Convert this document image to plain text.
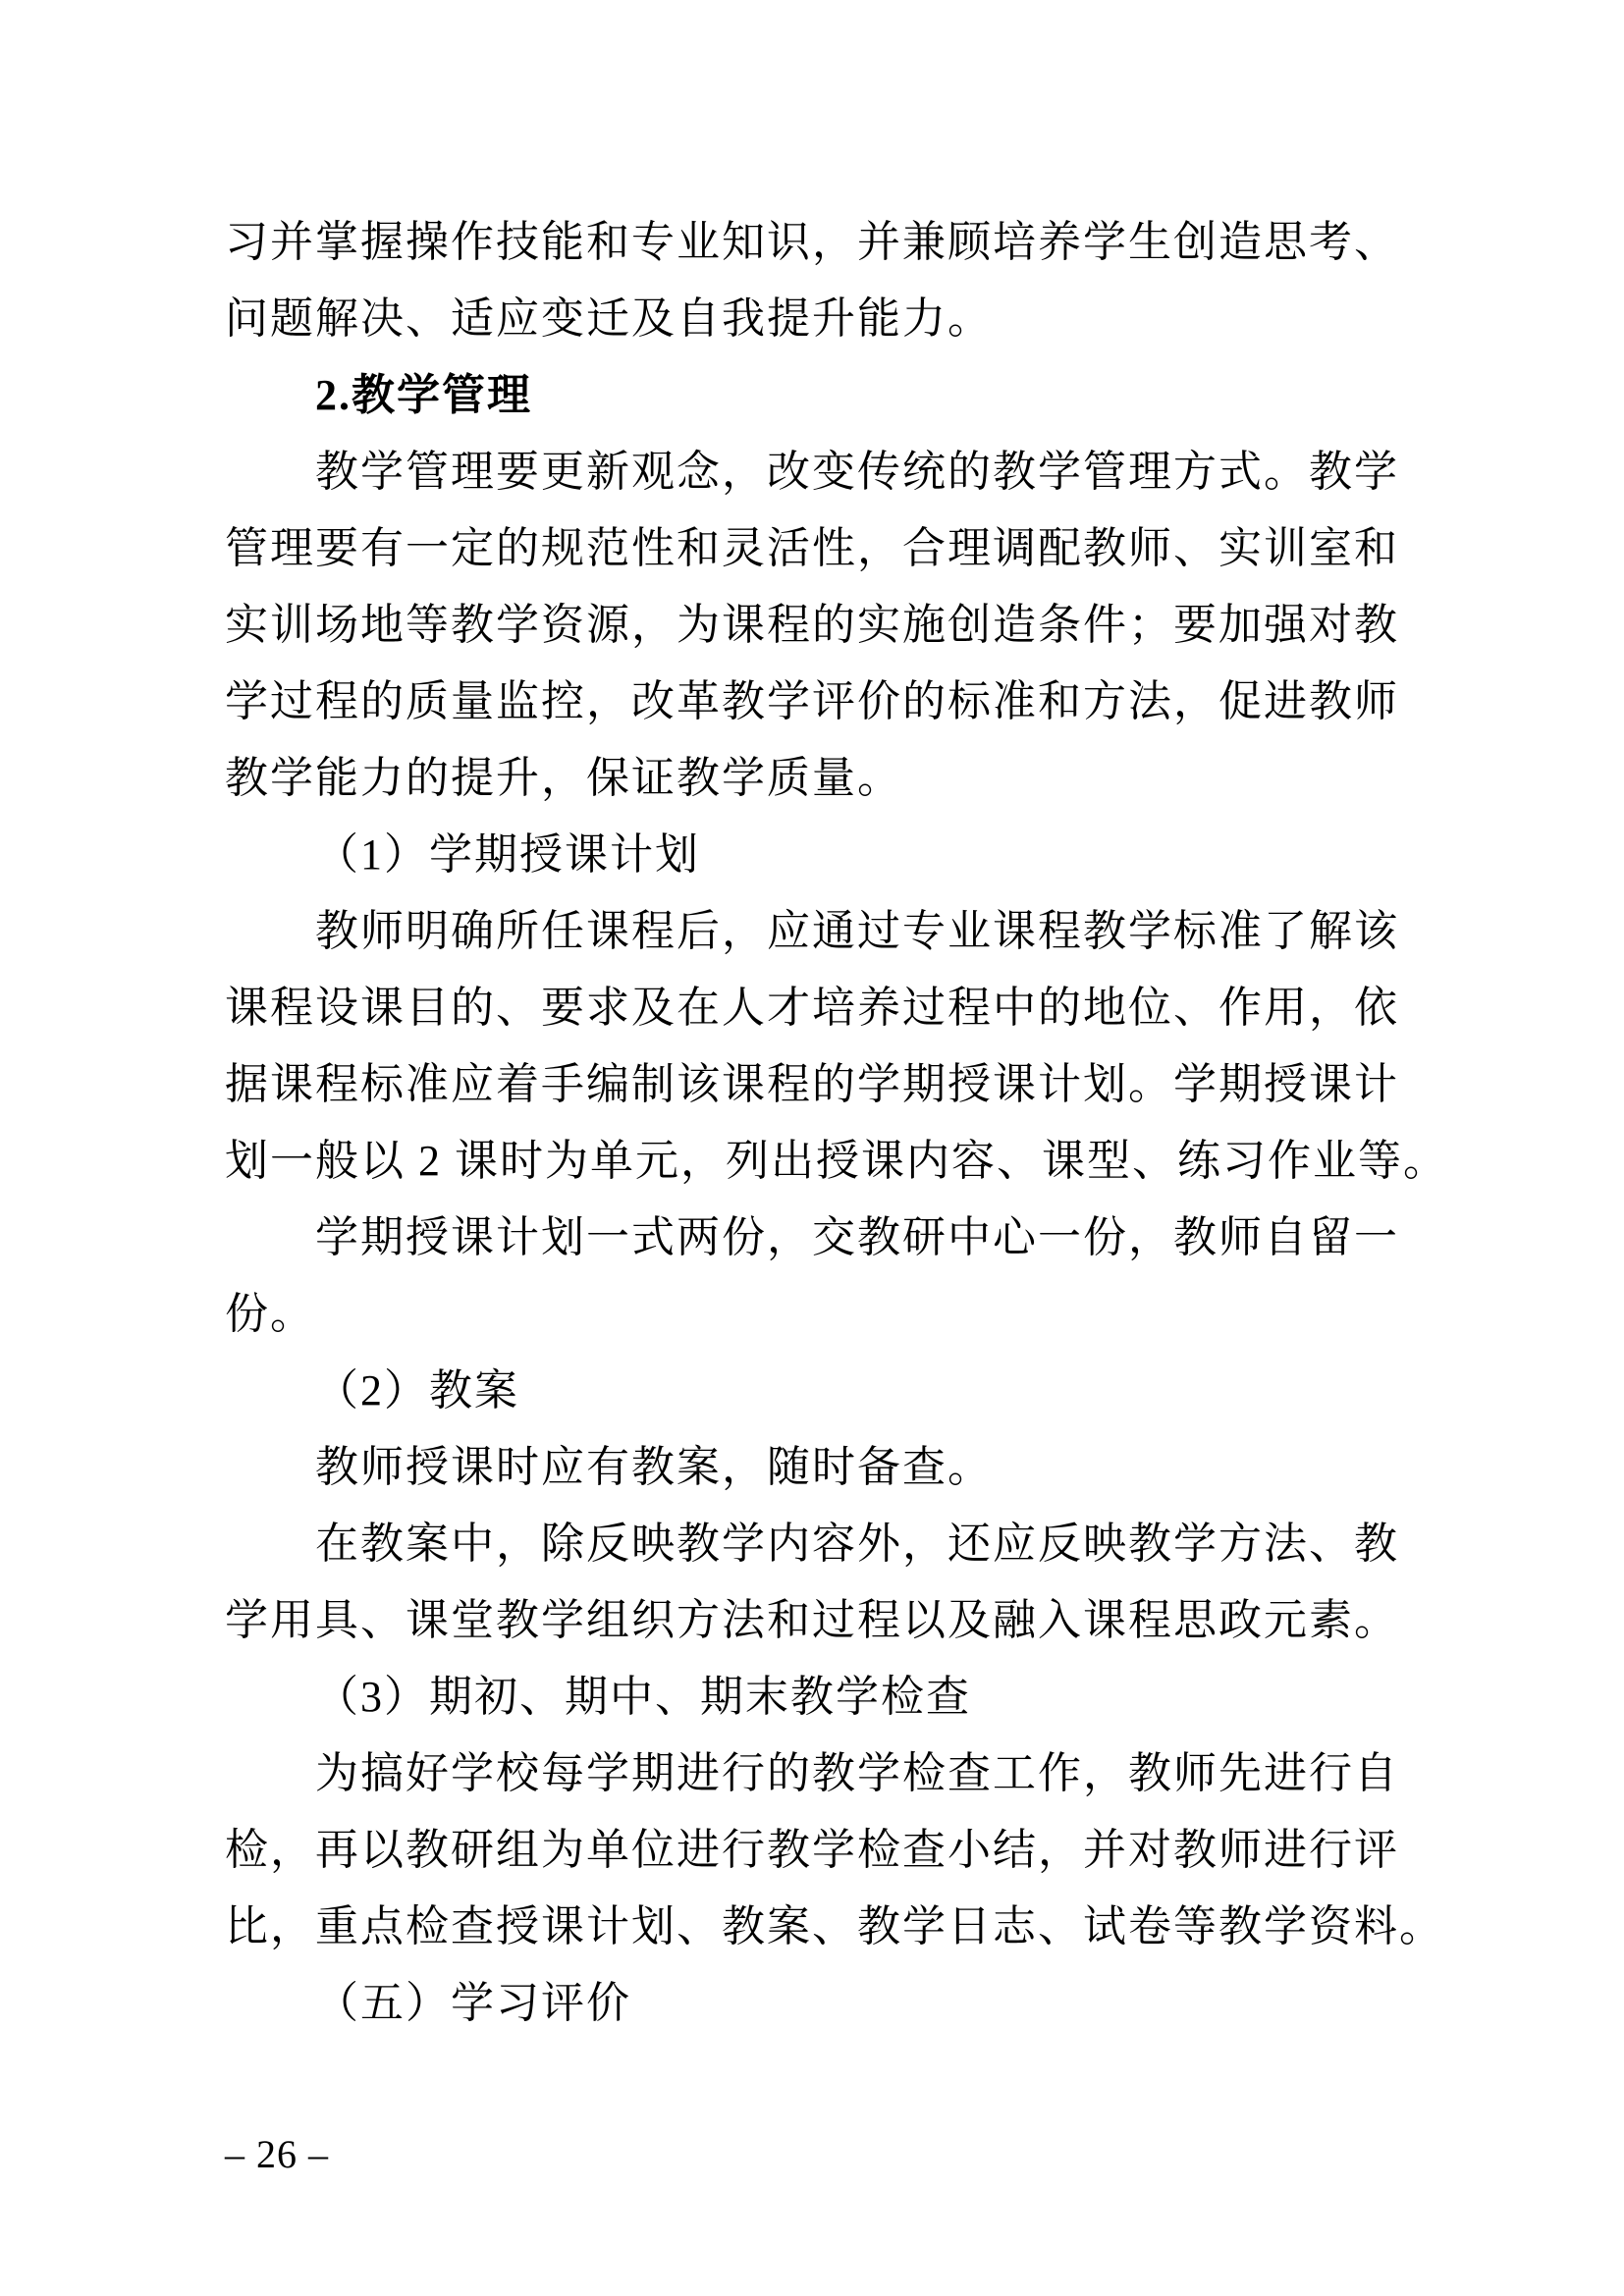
习并掌握操作技能和专业知识，并兼顾培养学生创造思考、
问题解决、适应变迁及自我提升能力。
2.教学管理
教学管理要更新观念，改变传统的教学管理方式。教学
管理要有一定的规范性和灵活性，合理调配教师、实训室和
实训场地等教学资源，为课程的实施创造条件；要加强对教
学过程的质量监控，改革教学评价的标准和方法，促进教师
教学能力的提升，保证教学质量。
（1）学期授课计划
教师明确所任课程后，应通过专业课程教学标准了解该
课程设课目的、要求及在人才培养过程中的地位、作用，依
据课程标准应着手编制该课程的学期授课计划。学期授课计
划一般以 2 课时为单元，列出授课内容、课型、练习作业等。
学期授课计划一式两份，交教研中心一份，教师自留一
份。
（2）教案
教师授课时应有教案，随时备查。
在教案中，除反映教学内容外，还应反映教学方法、教
学用具、课堂教学组织方法和过程以及融入课程思政元素。
（3）期初、期中、期末教学检查
为搞好学校每学期进行的教学检查工作，教师先进行自
检，再以教研组为单位进行教学检查小结，并对教师进行评
比，重点检查授课计划、教案、教学日志、试卷等教学资料。
（五）学习评价
– 26 –
